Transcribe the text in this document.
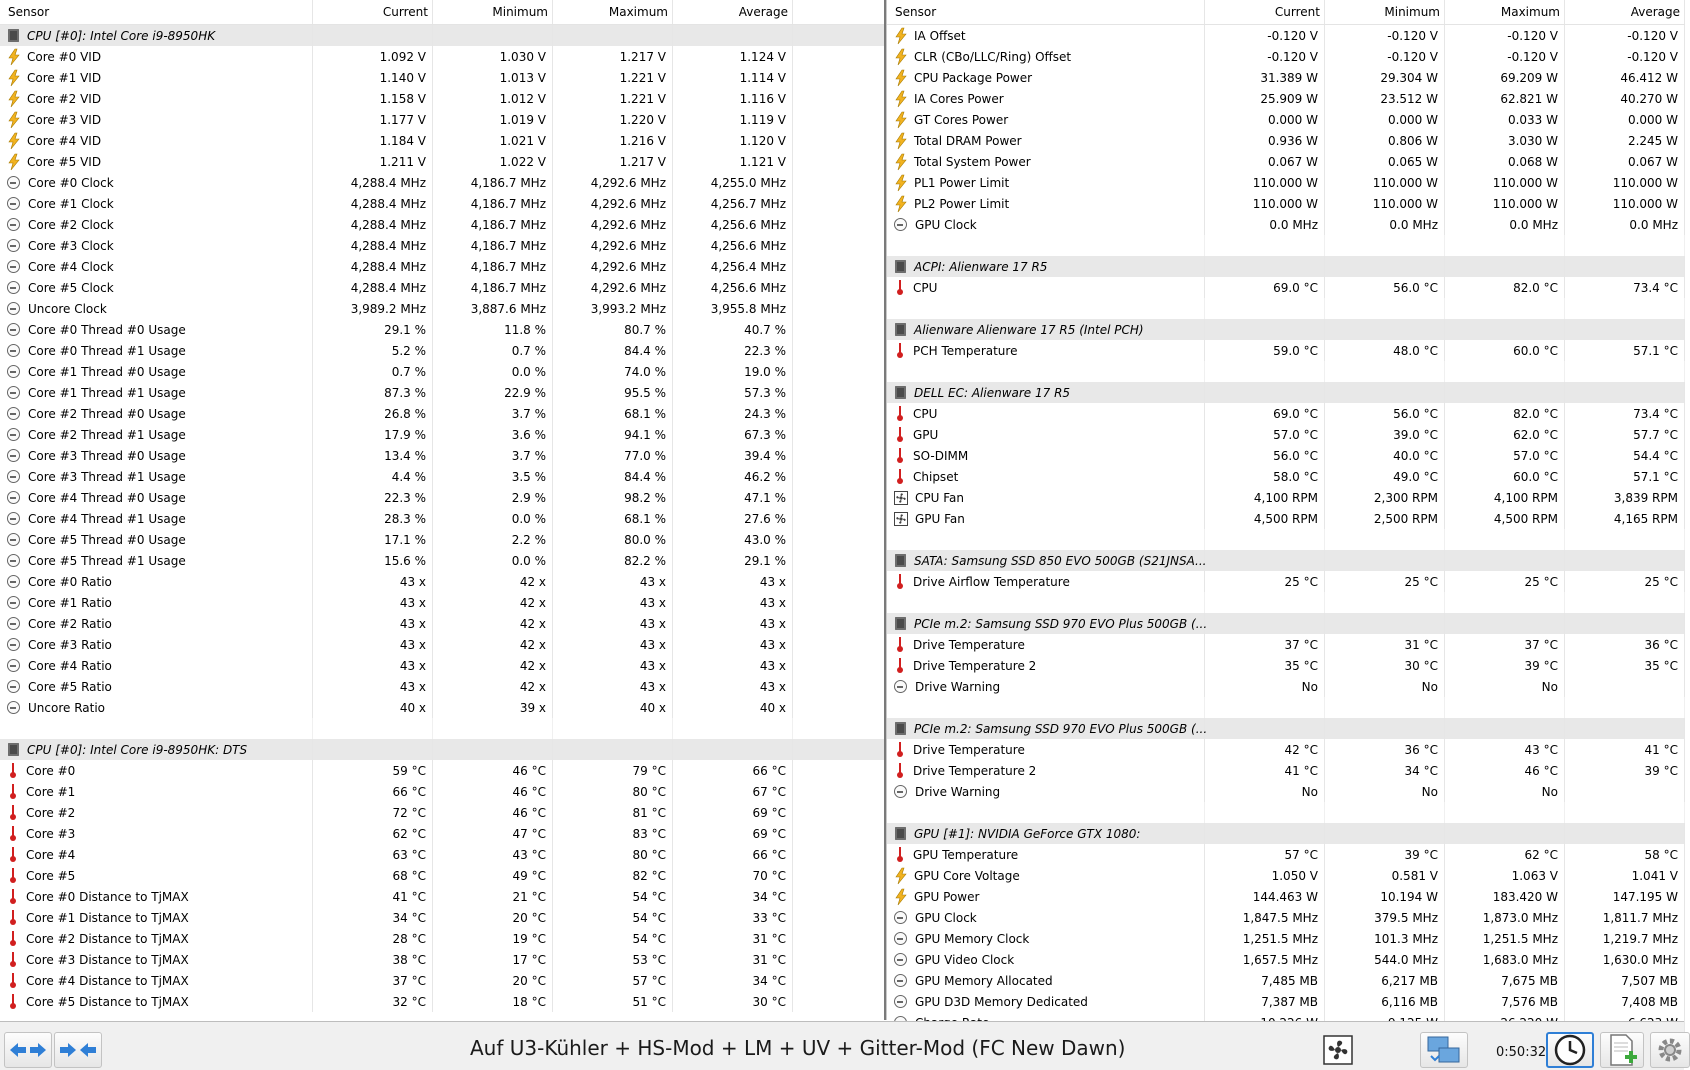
Sensor	Current	Minimum	Maximum	Average
CPU [#0]: Intel Core i9-8950HK
Core #0 VID	1.092 V	1.030 V	1.217 V	1.124 V
Core #1 VID	1.140 V	1.013 V	1.221 V	1.114 V
Core #2 VID	1.158 V	1.012 V	1.221 V	1.116 V
Core #3 VID	1.177 V	1.019 V	1.220 V	1.119 V
Core #4 VID	1.184 V	1.021 V	1.216 V	1.120 V
Core #5 VID	1.211 V	1.022 V	1.217 V	1.121 V
Core #0 Clock	4,288.4 MHz	4,186.7 MHz	4,292.6 MHz	4,255.0 MHz
Core #1 Clock	4,288.4 MHz	4,186.7 MHz	4,292.6 MHz	4,256.7 MHz
Core #2 Clock	4,288.4 MHz	4,186.7 MHz	4,292.6 MHz	4,256.6 MHz
Core #3 Clock	4,288.4 MHz	4,186.7 MHz	4,292.6 MHz	4,256.6 MHz
Core #4 Clock	4,288.4 MHz	4,186.7 MHz	4,292.6 MHz	4,256.4 MHz
Core #5 Clock	4,288.4 MHz	4,186.7 MHz	4,292.6 MHz	4,256.6 MHz
Uncore Clock	3,989.2 MHz	3,887.6 MHz	3,993.2 MHz	3,955.8 MHz
Core #0 Thread #0 Usage	29.1 %	11.8 %	80.7 %	40.7 %
Core #0 Thread #1 Usage	5.2 %	0.7 %	84.4 %	22.3 %
Core #1 Thread #0 Usage	0.7 %	0.0 %	74.0 %	19.0 %
Core #1 Thread #1 Usage	87.3 %	22.9 %	95.5 %	57.3 %
Core #2 Thread #0 Usage	26.8 %	3.7 %	68.1 %	24.3 %
Core #2 Thread #1 Usage	17.9 %	3.6 %	94.1 %	67.3 %
Core #3 Thread #0 Usage	13.4 %	3.7 %	77.0 %	39.4 %
Core #3 Thread #1 Usage	4.4 %	3.5 %	84.4 %	46.2 %
Core #4 Thread #0 Usage	22.3 %	2.9 %	98.2 %	47.1 %
Core #4 Thread #1 Usage	28.3 %	0.0 %	68.1 %	27.6 %
Core #5 Thread #0 Usage	17.1 %	2.2 %	80.0 %	43.0 %
Core #5 Thread #1 Usage	15.6 %	0.0 %	82.2 %	29.1 %
Core #0 Ratio	43 x	42 x	43 x	43 x
Core #1 Ratio	43 x	42 x	43 x	43 x
Core #2 Ratio	43 x	42 x	43 x	43 x
Core #3 Ratio	43 x	42 x	43 x	43 x
Core #4 Ratio	43 x	42 x	43 x	43 x
Core #5 Ratio	43 x	42 x	43 x	43 x
Uncore Ratio	40 x	39 x	40 x	40 x
CPU [#0]: Intel Core i9-8950HK: DTS
Core #0	59 °C	46 °C	79 °C	66 °C
Core #1	66 °C	46 °C	80 °C	67 °C
Core #2	72 °C	46 °C	81 °C	69 °C
Core #3	62 °C	47 °C	83 °C	69 °C
Core #4	63 °C	43 °C	80 °C	66 °C
Core #5	68 °C	49 °C	82 °C	70 °C
Core #0 Distance to TjMAX	41 °C	21 °C	54 °C	34 °C
Core #1 Distance to TjMAX	34 °C	20 °C	54 °C	33 °C
Core #2 Distance to TjMAX	28 °C	19 °C	54 °C	31 °C
Core #3 Distance to TjMAX	38 °C	17 °C	53 °C	31 °C
Core #4 Distance to TjMAX	37 °C	20 °C	57 °C	34 °C
Core #5 Distance to TjMAX	32 °C	18 °C	51 °C	30 °C
Sensor	Current	Minimum	Maximum	Average
IA Offset	-0.120 V	-0.120 V	-0.120 V	-0.120 V
CLR (CBo/LLC/Ring) Offset	-0.120 V	-0.120 V	-0.120 V	-0.120 V
CPU Package Power	31.389 W	29.304 W	69.209 W	46.412 W
IA Cores Power	25.909 W	23.512 W	62.821 W	40.270 W
GT Cores Power	0.000 W	0.000 W	0.033 W	0.000 W
Total DRAM Power	0.936 W	0.806 W	3.030 W	2.245 W
Total System Power	0.067 W	0.065 W	0.068 W	0.067 W
PL1 Power Limit	110.000 W	110.000 W	110.000 W	110.000 W
PL2 Power Limit	110.000 W	110.000 W	110.000 W	110.000 W
GPU Clock	0.0 MHz	0.0 MHz	0.0 MHz	0.0 MHz
ACPI: Alienware 17 R5
CPU	69.0 °C	56.0 °C	82.0 °C	73.4 °C
Alienware Alienware 17 R5 (Intel PCH)
PCH Temperature	59.0 °C	48.0 °C	60.0 °C	57.1 °C
DELL EC: Alienware 17 R5
CPU	69.0 °C	56.0 °C	82.0 °C	73.4 °C
GPU	57.0 °C	39.0 °C	62.0 °C	57.7 °C
SO-DIMM	56.0 °C	40.0 °C	57.0 °C	54.4 °C
Chipset	58.0 °C	49.0 °C	60.0 °C	57.1 °C
CPU Fan	4,100 RPM	2,300 RPM	4,100 RPM	3,839 RPM
GPU Fan	4,500 RPM	2,500 RPM	4,500 RPM	4,165 RPM
SATA: Samsung SSD 850 EVO 500GB (S21JNSA...
Drive Airflow Temperature	25 °C	25 °C	25 °C	25 °C
PCIe m.2: Samsung SSD 970 EVO Plus 500GB (...
Drive Temperature	37 °C	31 °C	37 °C	36 °C
Drive Temperature 2	35 °C	30 °C	39 °C	35 °C
Drive Warning	No	No	No
PCIe m.2: Samsung SSD 970 EVO Plus 500GB (...
Drive Temperature	42 °C	36 °C	43 °C	41 °C
Drive Temperature 2	41 °C	34 °C	46 °C	39 °C
Drive Warning	No	No	No
GPU [#1]: NVIDIA GeForce GTX 1080:
GPU Temperature	57 °C	39 °C	62 °C	58 °C
GPU Core Voltage	1.050 V	0.581 V	1.063 V	1.041 V
GPU Power	144.463 W	10.194 W	183.420 W	147.195 W
GPU Clock	1,847.5 MHz	379.5 MHz	1,873.0 MHz	1,811.7 MHz
GPU Memory Clock	1,251.5 MHz	101.3 MHz	1,251.5 MHz	1,219.7 MHz
GPU Video Clock	1,657.5 MHz	544.0 MHz	1,683.0 MHz	1,630.0 MHz
GPU Memory Allocated	7,485 MB	6,217 MB	7,675 MB	7,507 MB
GPU D3D Memory Dedicated	7,387 MB	6,116 MB	7,576 MB	7,408 MB
Auf U3-Kühler + HS-Mod + LM + UV + Gitter-Mod (FC New Dawn)	0:50:32
